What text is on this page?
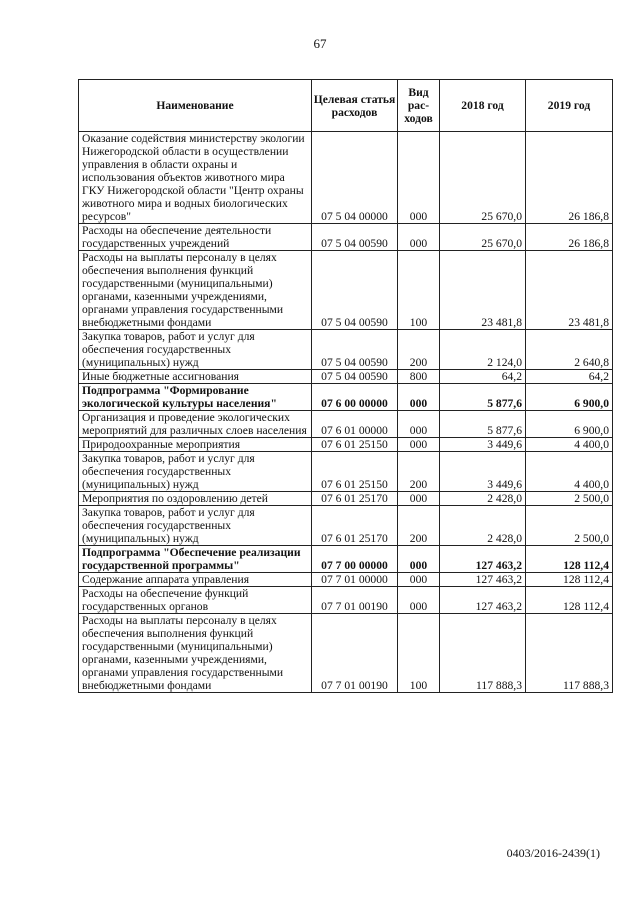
67
Наименование	Целевая статья расходов	Вид рас- ходов	2018 год	2019 год
Оказание содействия министерству экологии Нижегородской области в осуществлении управления в области охраны и использования объектов животного мира ГКУ Нижегородской области "Центр охраны животного мира и водных биологических ресурсов"	07 5 04 00000	000	25 670,0	26 186,8
Расходы на обеспечение деятельности государственных учреждений	07 5 04 00590	000	25 670,0	26 186,8
Расходы на выплаты персоналу в целях обеспечения выполнения функций государственными (муниципальными) органами, казенными учреждениями, органами управления государственными внебюджетными фондами	07 5 04 00590	100	23 481,8	23 481,8
Закупка товаров, работ и услуг для обеспечения государственных (муниципальных) нужд	07 5 04 00590	200	2 124,0	2 640,8
Иные бюджетные ассигнования	07 5 04 00590	800	64,2	64,2
Подпрограмма "Формирование экологической культуры населения"	07 6 00 00000	000	5 877,6	6 900,0
Организация и проведение экологических мероприятий для различных слоев населения	07 6 01 00000	000	5 877,6	6 900,0
Природоохранные мероприятия	07 6 01 25150	000	3 449,6	4 400,0
Закупка товаров, работ и услуг для обеспечения государственных (муниципальных) нужд	07 6 01 25150	200	3 449,6	4 400,0
Мероприятия по оздоровлению детей	07 6 01 25170	000	2 428,0	2 500,0
Закупка товаров, работ и услуг для обеспечения государственных (муниципальных) нужд	07 6 01 25170	200	2 428,0	2 500,0
Подпрограмма "Обеспечение реализации государственной программы"	07 7 00 00000	000	127 463,2	128 112,4
Содержание аппарата управления	07 7 01 00000	000	127 463,2	128 112,4
Расходы на обеспечение функций государственных органов	07 7 01 00190	000	127 463,2	128 112,4
Расходы на выплаты персоналу в целях обеспечения выполнения функций государственными (муниципальными) органами, казенными учреждениями, органами управления государственными внебюджетными фондами	07 7 01 00190	100	117 888,3	117 888,3
0403/2016-2439(1)
